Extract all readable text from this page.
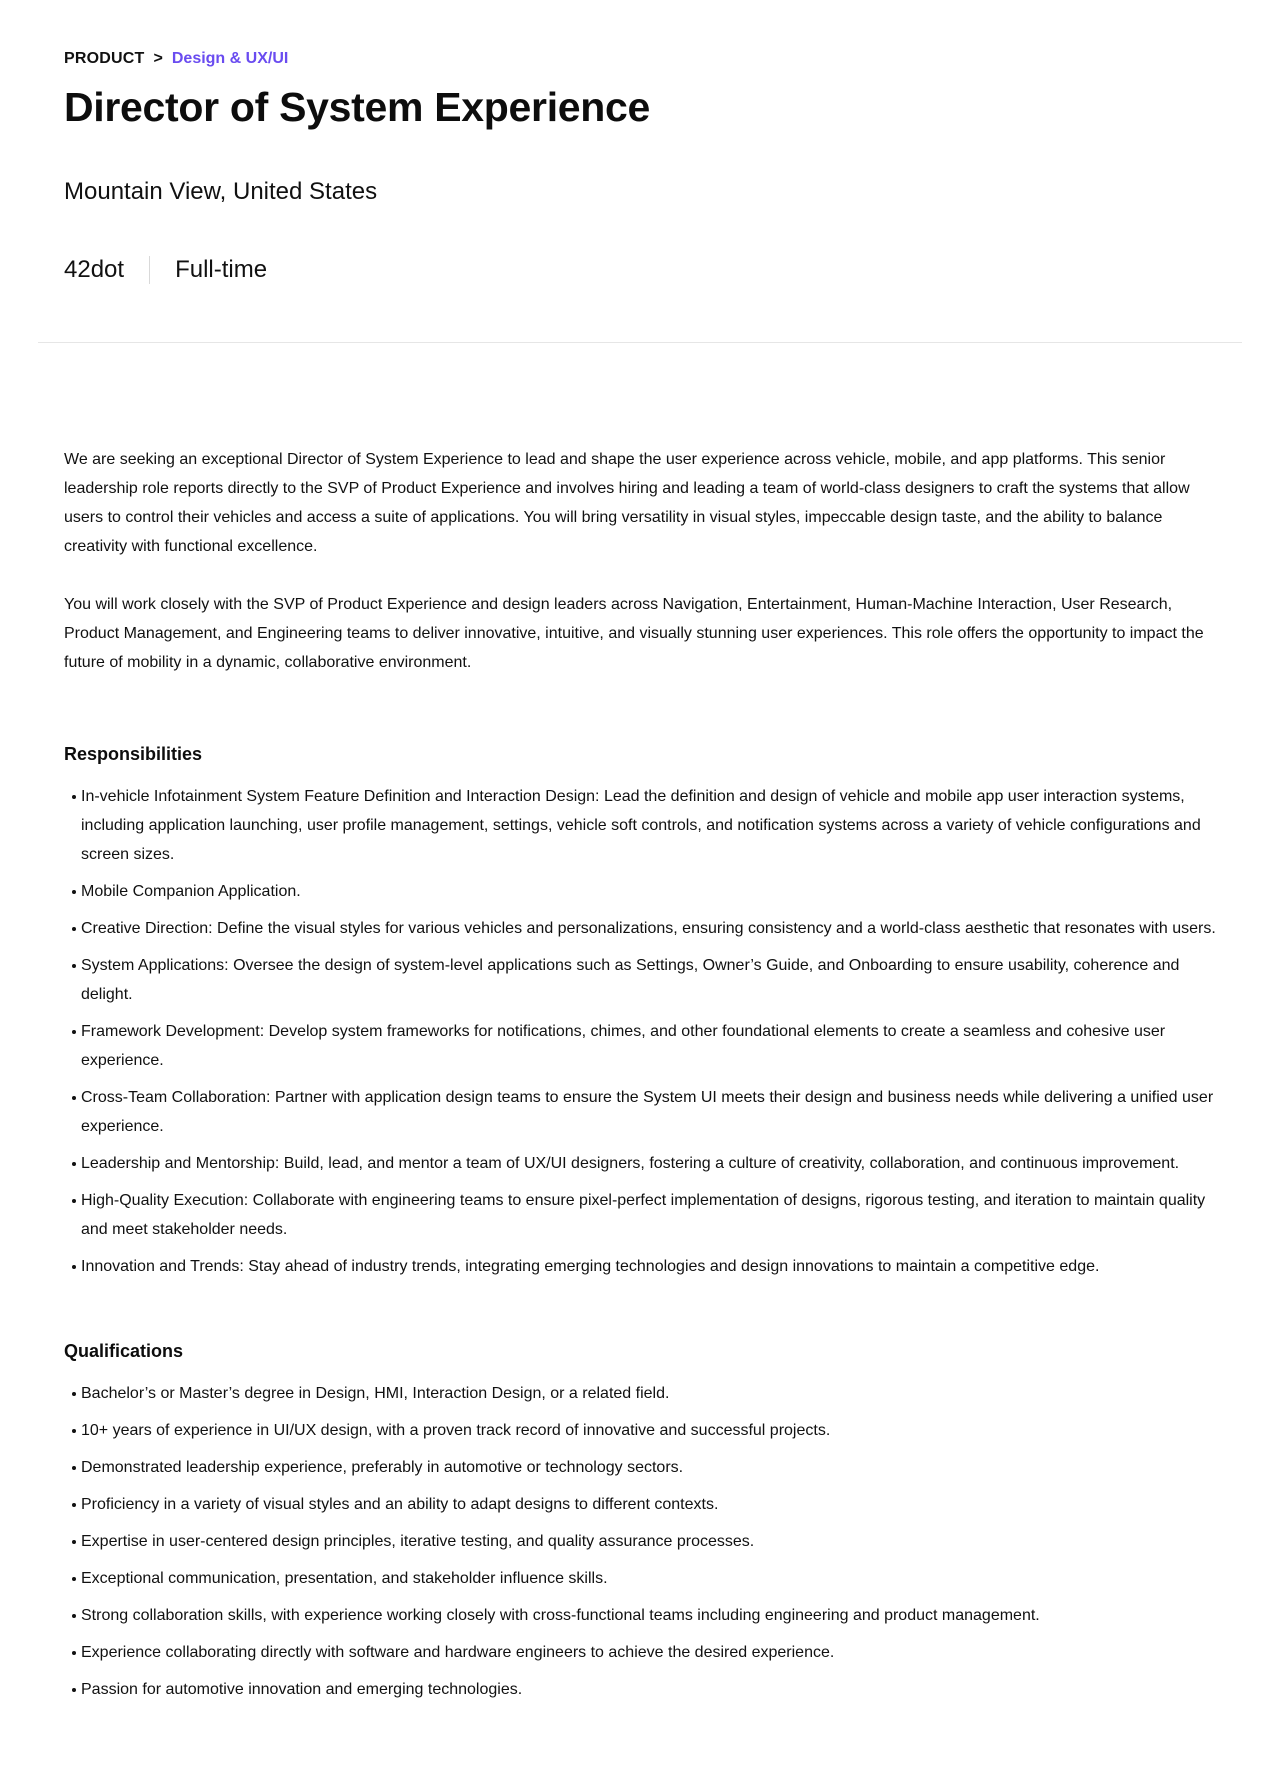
PRODUCT > Design & UX/UI
Director of System Experience
Mountain View, United States
42dot Full-time

We are seeking an exceptional Director of System Experience to lead and shape the user experience across vehicle, mobile, and app platforms. This senior leadership role reports directly to the SVP of Product Experience and involves hiring and leading a team of world-class designers to craft the systems that allow users to control their vehicles and access a suite of applications. You will bring versatility in visual styles, impeccable design taste, and the ability to balance creativity with functional excellence.

You will work closely with the SVP of Product Experience and design leaders across Navigation, Entertainment, Human-Machine Interaction, User Research, Product Management, and Engineering teams to deliver innovative, intuitive, and visually stunning user experiences. This role offers the opportunity to impact the future of mobility in a dynamic, collaborative environment.

Responsibilities
In-vehicle Infotainment System Feature Definition and Interaction Design: Lead the definition and design of vehicle and mobile app user interaction systems, including application launching, user profile management, settings, vehicle soft controls, and notification systems across a variety of vehicle configurations and screen sizes.
Mobile Companion Application.
Creative Direction: Define the visual styles for various vehicles and personalizations, ensuring consistency and a world-class aesthetic that resonates with users.
System Applications: Oversee the design of system-level applications such as Settings, Owner’s Guide, and Onboarding to ensure usability, coherence and delight.
Framework Development: Develop system frameworks for notifications, chimes, and other foundational elements to create a seamless and cohesive user experience.
Cross-Team Collaboration: Partner with application design teams to ensure the System UI meets their design and business needs while delivering a unified user experience.
Leadership and Mentorship: Build, lead, and mentor a team of UX/UI designers, fostering a culture of creativity, collaboration, and continuous improvement.
High-Quality Execution: Collaborate with engineering teams to ensure pixel-perfect implementation of designs, rigorous testing, and iteration to maintain quality and meet stakeholder needs.
Innovation and Trends: Stay ahead of industry trends, integrating emerging technologies and design innovations to maintain a competitive edge.
Qualifications
Bachelor’s or Master’s degree in Design, HMI, Interaction Design, or a related field.
10+ years of experience in UI/UX design, with a proven track record of innovative and successful projects.
Demonstrated leadership experience, preferably in automotive or technology sectors.
Proficiency in a variety of visual styles and an ability to adapt designs to different contexts.
Expertise in user-centered design principles, iterative testing, and quality assurance processes.
Exceptional communication, presentation, and stakeholder influence skills.
Strong collaboration skills, with experience working closely with cross-functional teams including engineering and product management.
Experience collaborating directly with software and hardware engineers to achieve the desired experience.
Passion for automotive innovation and emerging technologies.
